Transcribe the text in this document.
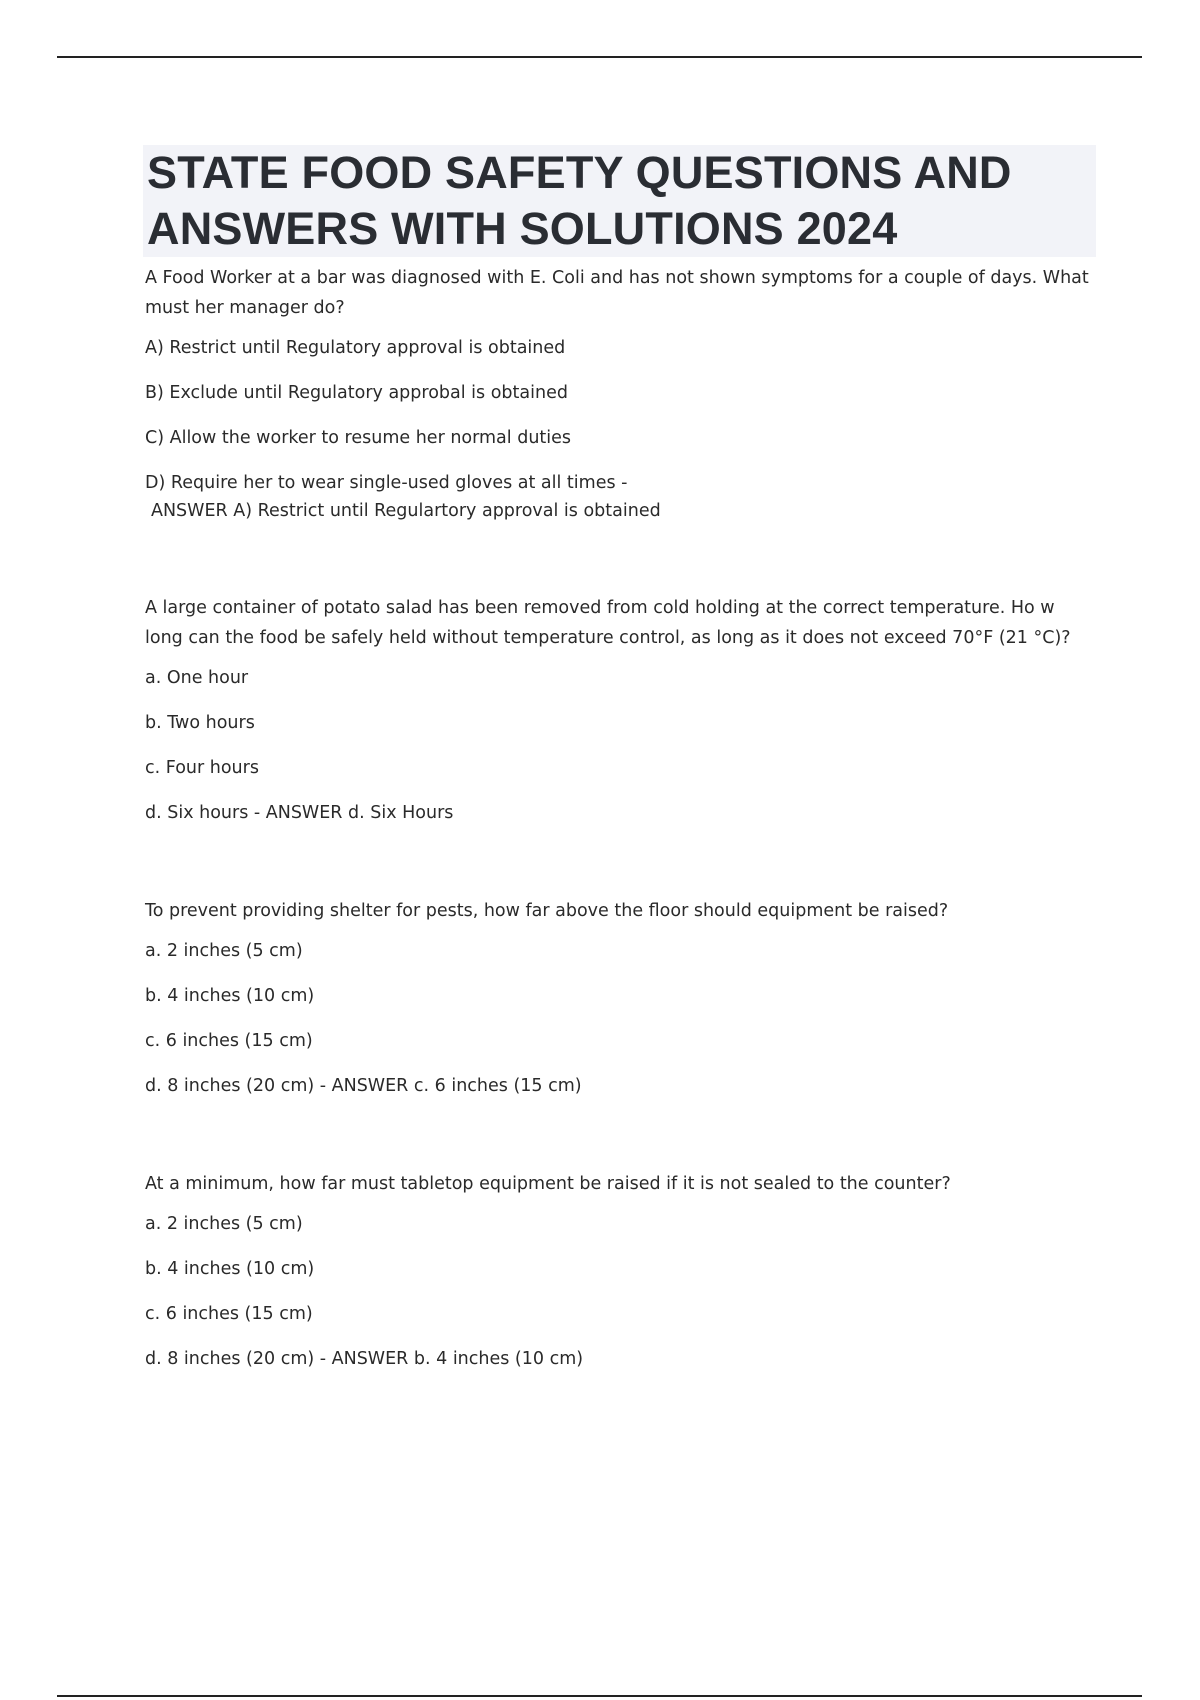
STATE FOOD SAFETY QUESTIONS AND ANSWERS WITH SOLUTIONS 2024

A Food Worker at a bar was diagnosed with E. Coli and has not shown symptoms for a couple of days. What must her manager do?

A) Restrict until Regulatory approval is obtained

B) Exclude until Regulatory approbal is obtained

C) Allow the worker to resume her normal duties

D) Require her to wear single-used gloves at all times -
ANSWER A) Restrict until Regulartory approval is obtained

A large container of potato salad has been removed from cold holding at the correct temperature. Ho w long can the food be safely held without temperature control, as long as it does not exceed 70°F (21 °C)?

a. One hour

b. Two hours

c. Four hours

d. Six hours - ANSWER d. Six Hours

To prevent providing shelter for pests, how far above the floor should equipment be raised?

a. 2 inches (5 cm)

b. 4 inches (10 cm)

c. 6 inches (15 cm)

d. 8 inches (20 cm) - ANSWER c. 6 inches (15 cm)

At a minimum, how far must tabletop equipment be raised if it is not sealed to the counter?

a. 2 inches (5 cm)

b. 4 inches (10 cm)

c. 6 inches (15 cm)

d. 8 inches (20 cm) - ANSWER b. 4 inches (10 cm)
